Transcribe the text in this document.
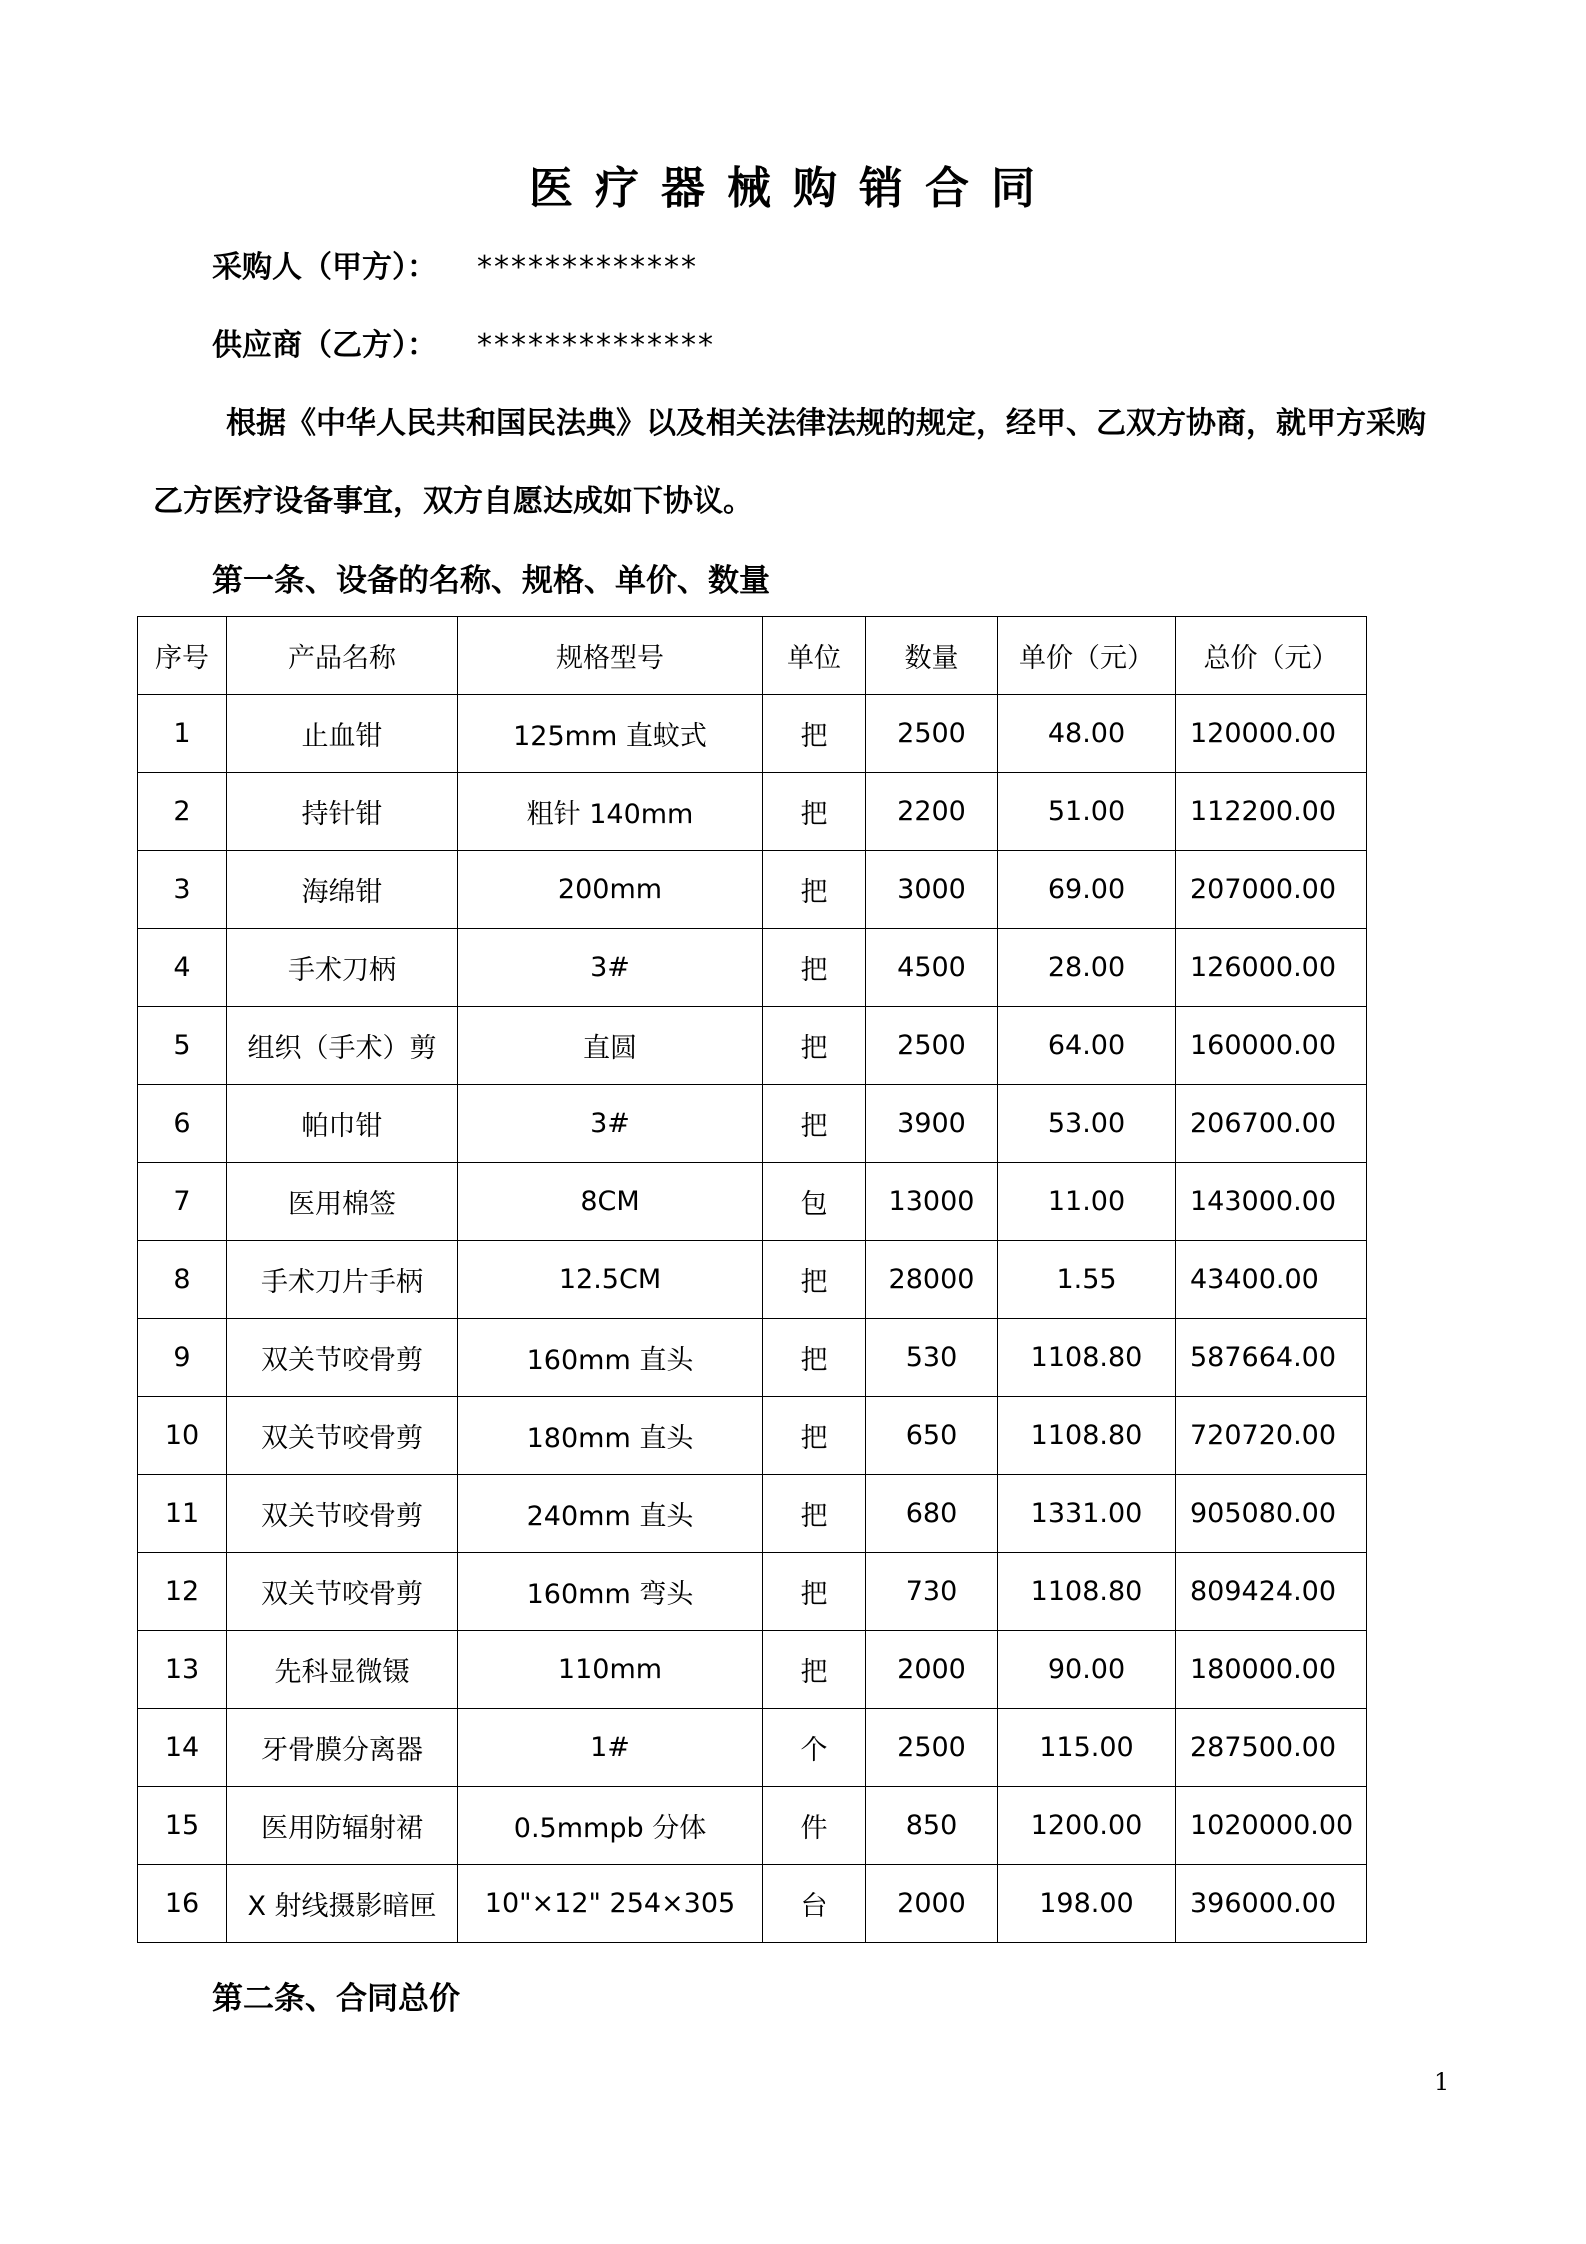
医疗器械购销合同
采购人（甲方）： *************
供应商（乙方）： **************
根据《中华人民共和国民法典》以及相关法律法规的规定，经甲、乙双方协商，就甲方采购
乙方医疗设备事宜，双方自愿达成如下协议。
第一条、设备的名称、规格、单价、数量
序号	产品名称	规格型号	单位	数量	单价（元）	总价（元）
1	止血钳	125mm 直蚊式	把	2500	48.00	120000.00
2	持针钳	粗针 140mm	把	2200	51.00	112200.00
3	海绵钳	200mm	把	3000	69.00	207000.00
4	手术刀柄	3#	把	4500	28.00	126000.00
5	组织（手术）剪	直圆	把	2500	64.00	160000.00
6	帕巾钳	3#	把	3900	53.00	206700.00
7	医用棉签	8CM	包	13000	11.00	143000.00
8	手术刀片手柄	12.5CM	把	28000	1.55	43400.00
9	双关节咬骨剪	160mm 直头	把	530	1108.80	587664.00
10	双关节咬骨剪	180mm 直头	把	650	1108.80	720720.00
11	双关节咬骨剪	240mm 直头	把	680	1331.00	905080.00
12	双关节咬骨剪	160mm 弯头	把	730	1108.80	809424.00
13	先科显微镊	110mm	把	2000	90.00	180000.00
14	牙骨膜分离器	1#	个	2500	115.00	287500.00
15	医用防辐射裙	0.5mmpb 分体	件	850	1200.00	1020000.00
16	X 射线摄影暗匣	10"×12" 254×305	台	2000	198.00	396000.00
第二条、合同总价
1
